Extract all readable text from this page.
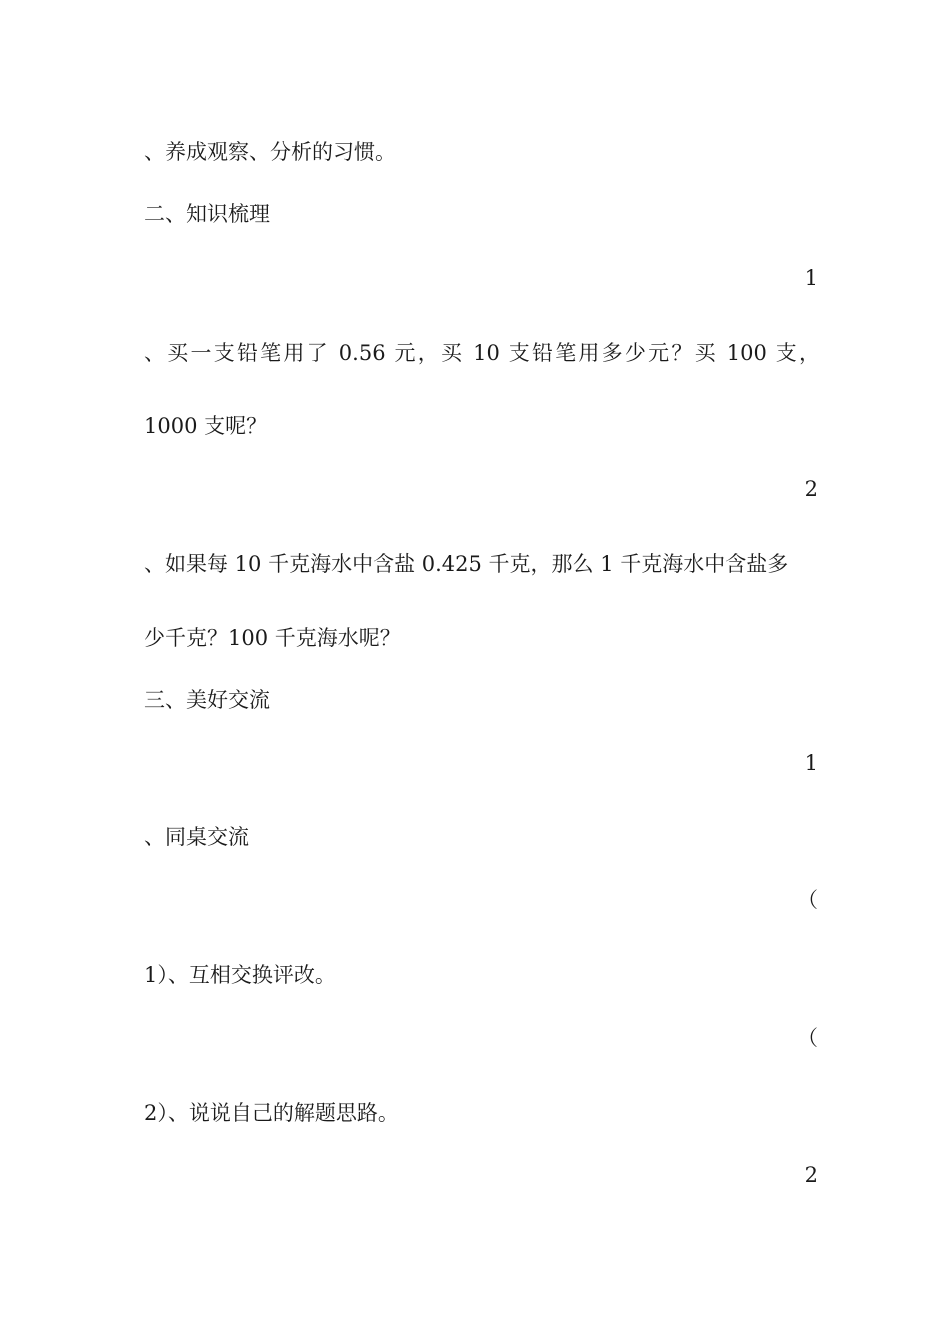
、养成观察、分析的习惯。
二、知识梳理
1
、买一支铅笔用了 0.56 元，买 10 支铅笔用多少元？买 100 支，
1000 支呢？
2
、如果每 10 千克海水中含盐 0.425 千克，那么 1 千克海水中含盐多
少千克？100 千克海水呢？
三、美好交流
1
、同桌交流
（
1）、互相交换评改。
（
2）、说说自己的解题思路。
2
